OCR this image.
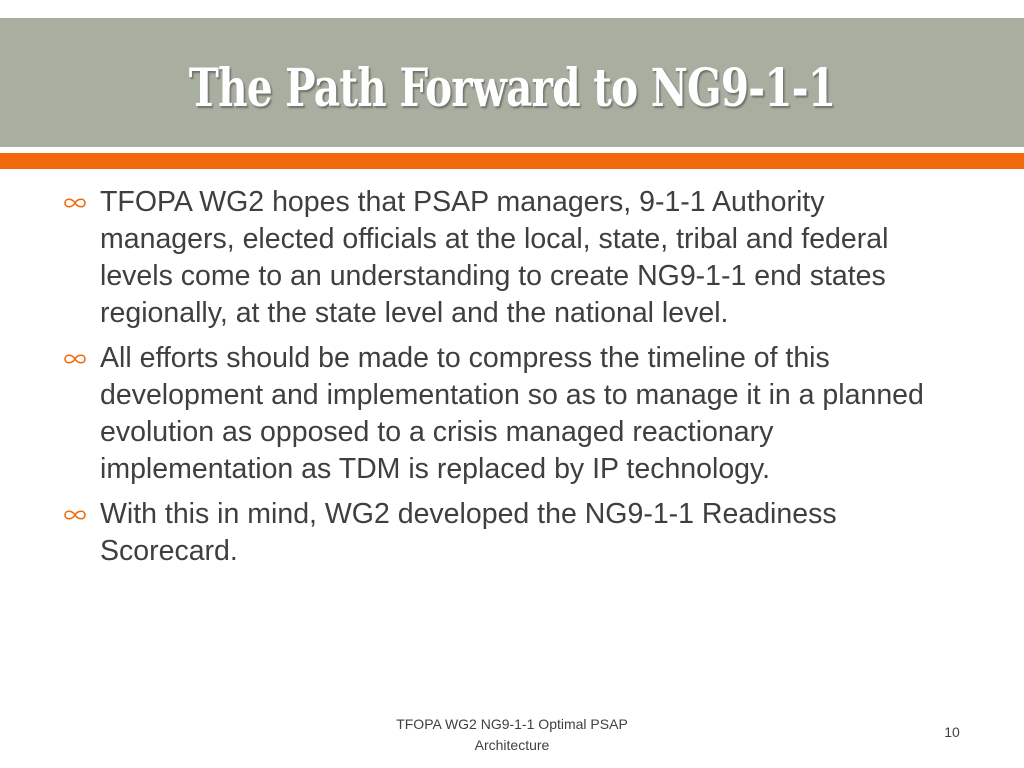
The Path Forward to NG9-1-1
TFOPA WG2 hopes that PSAP managers, 9-1-1 Authority managers, elected officials at the local, state, tribal and federal levels come to an understanding to create NG9-1-1 end states regionally, at the state level and the national level.
All efforts should be made to compress the timeline of this development and implementation so as to manage it in a planned evolution as opposed to a crisis managed reactionary implementation as TDM is replaced by IP technology.
With this in mind, WG2 developed the NG9-1-1 Readiness Scorecard.
TFOPA WG2 NG9-1-1 Optimal PSAP Architecture
10
